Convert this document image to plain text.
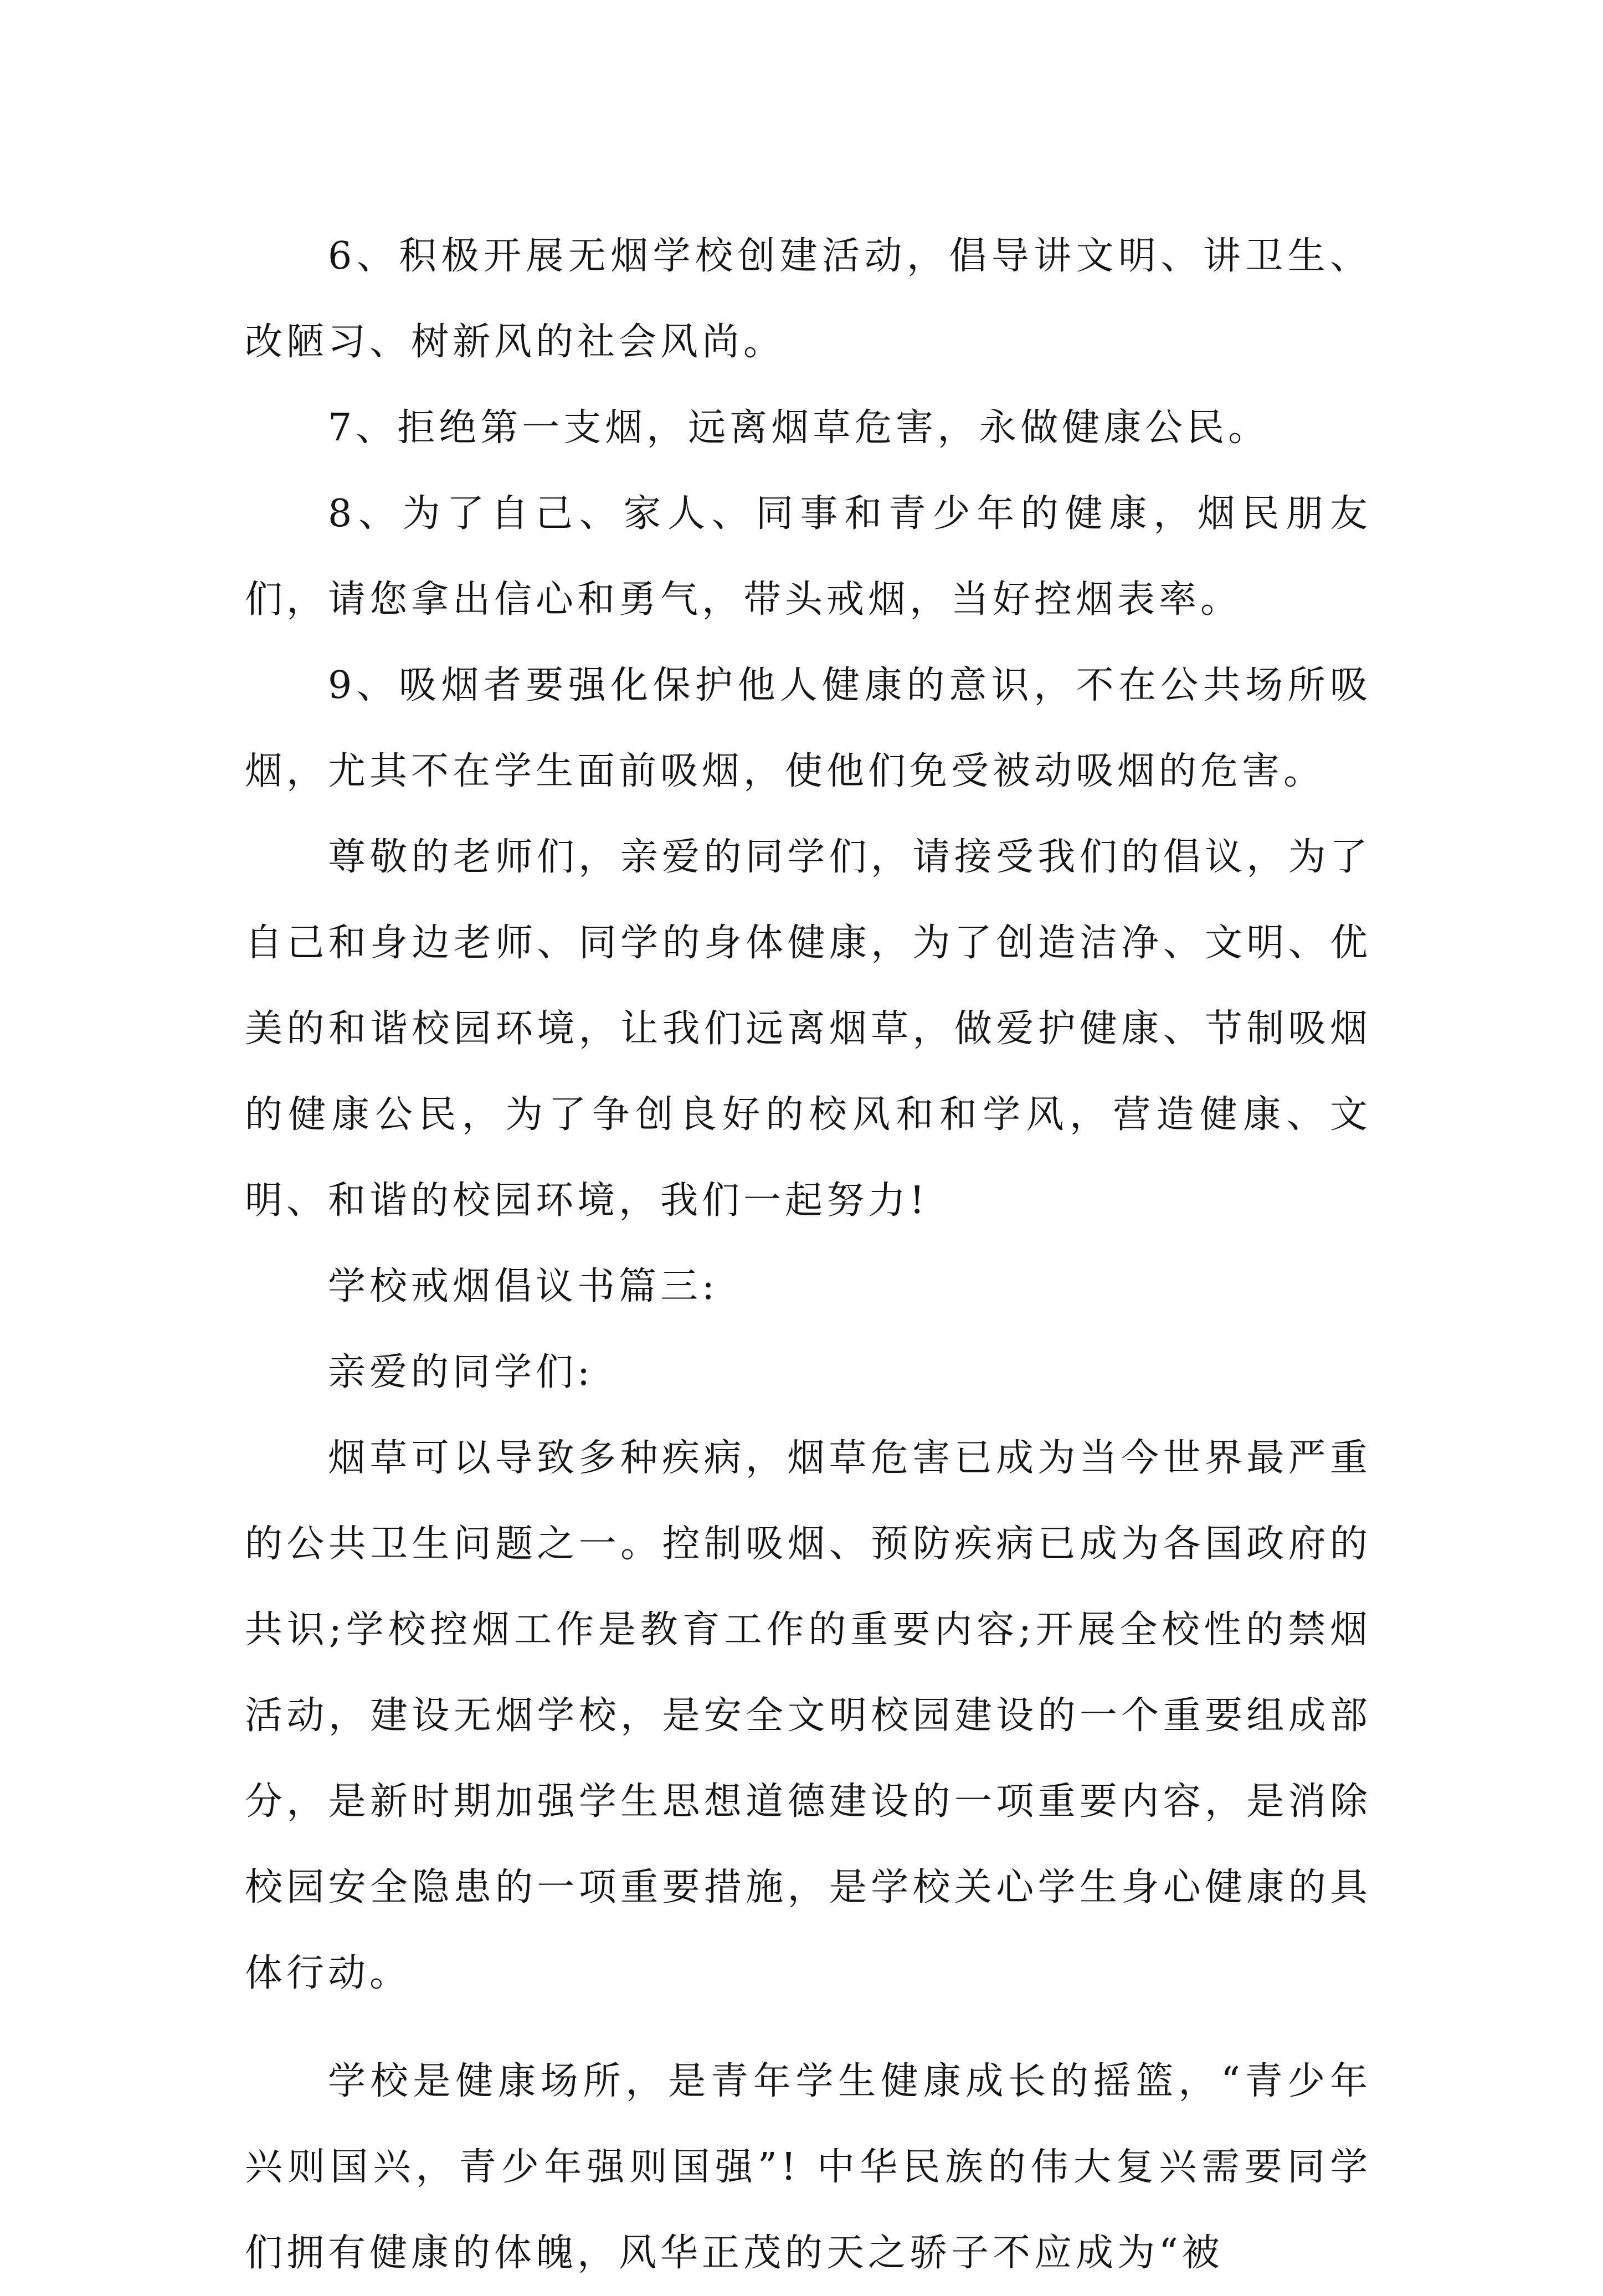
6、积极开展无烟学校创建活动，倡导讲文明、讲卫生、改陋习、树新风的社会风尚。

7、拒绝第一支烟，远离烟草危害，永做健康公民。

8、为了自己、家人、同事和青少年的健康，烟民朋友们，请您拿出信心和勇气，带头戒烟，当好控烟表率。

9、吸烟者要强化保护他人健康的意识，不在公共场所吸烟，尤其不在学生面前吸烟，使他们免受被动吸烟的危害。

尊敬的老师们，亲爱的同学们，请接受我们的倡议，为了自己和身边老师、同学的身体健康，为了创造洁净、文明、优美的和谐校园环境，让我们远离烟草，做爱护健康、节制吸烟的健康公民，为了争创良好的校风和和学风，营造健康、文明、和谐的校园环境，我们一起努力!

学校戒烟倡议书篇三:

亲爱的同学们:

烟草可以导致多种疾病，烟草危害已成为当今世界最严重的公共卫生问题之一。控制吸烟、预防疾病已成为各国政府的共识;学校控烟工作是教育工作的重要内容;开展全校性的禁烟活动，建设无烟学校，是安全文明校园建设的一个重要组成部分，是新时期加强学生思想道德建设的一项重要内容，是消除校园安全隐患的一项重要措施，是学校关心学生身心健康的具体行动。

学校是健康场所，是青年学生健康成长的摇篮，“青少年兴则国兴，青少年强则国强”! 中华民族的伟大复兴需要同学们拥有健康的体魄，风华正茂的天之骄子不应成为“被
